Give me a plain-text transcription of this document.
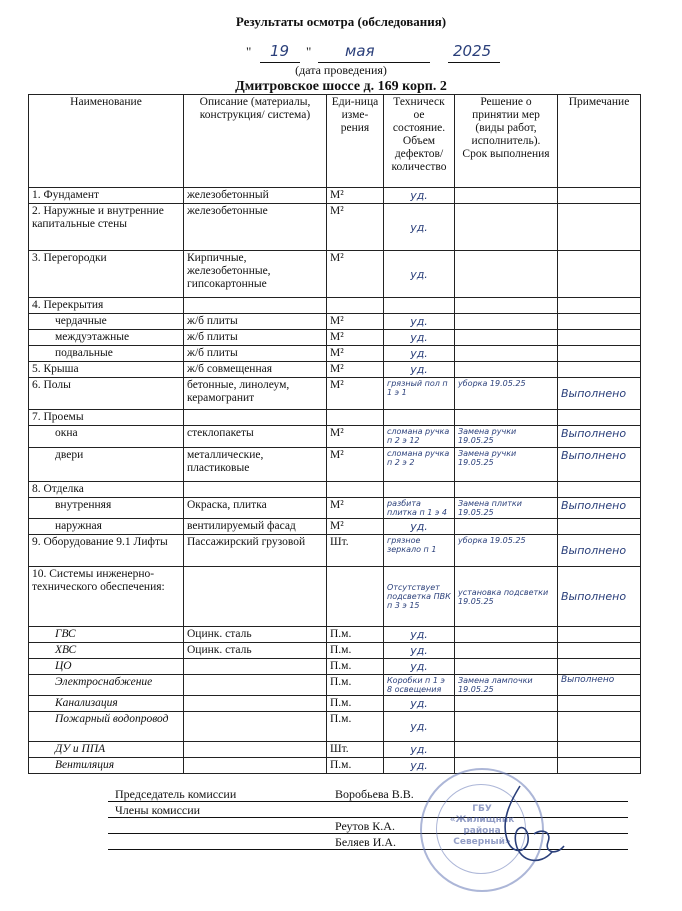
Результаты осмотра (обследования)
" 19 " мая	2025
(дата проведения)
Дмитровское шоссе д. 169 корп. 2
Наименование	Описание (материалы, конструкция/ система)	Еди-ница изме-рения	Техническ ое состояние. Объем дефектов/ количество	Решение о принятии мер (виды работ, исполнитель). Срок выполнения	Примечание
1. Фундамент	железобетонный	М²	уд.		
2. Наружные и внутренние капитальные стены	железобетонные	М²	уд.		
3. Перегородки	Кирпичные, железобетонные, гипсокартонные	М²	уд.		
4. Перекрытия					
чердачные	ж/б плиты	М²	уд.		
междуэтажные	ж/б плиты	М²	уд.		
подвальные	ж/б плиты	М²	уд.		
5. Крыша	ж/б совмещенная	М²	уд.		
6. Полы	бетонные, линолеум, керамогранит	М²	грязный пол п 1 э 1	уборка 19.05.25	Выполнено
7. Проемы					
окна	стеклопакеты	М²	сломана ручка п 2 э 12	Замена ручки 19.05.25	Выполнено
двери	металлические, пластиковые	М²	сломана ручка п 2 э 2	Замена ручки 19.05.25	Выполнено
8. Отделка					
внутренняя	Окраска, плитка	М²	разбита плитка п 1 э 4	Замена плитки 19.05.25	Выполнено
наружная	вентилируемый фасад	М²	уд.		
9. Оборудование 9.1 Лифты	Пассажирский грузовой	Шт.	грязное зеркало п 1	уборка 19.05.25	Выполнено
10. Системы инженерно-технического обеспечения:			Отсутствует подсветка ПВК п 3 э 15	установка подсветки 19.05.25	Выполнено
ГВС	Оцинк. сталь	П.м.	уд.		
ХВС	Оцинк. сталь	П.м.	уд.		
ЦО		П.м.	уд.		
Электроснабжение		П.м.	Коробки п 1 э 8 освещения	Замена лампочки 19.05.25	Выполнено
Канализация		П.м.	уд.		
Пожарный водопровод		П.м.	уд.		
ДУ и ППА		Шт.	уд.		
Вентиляция		П.м.	уд.		
Председатель комиссии	Воробьева В.В.
Члены комиссии
Реутов К.А.
Беляев И.А.
ГБУ
«Жилищник
района
Северный»
